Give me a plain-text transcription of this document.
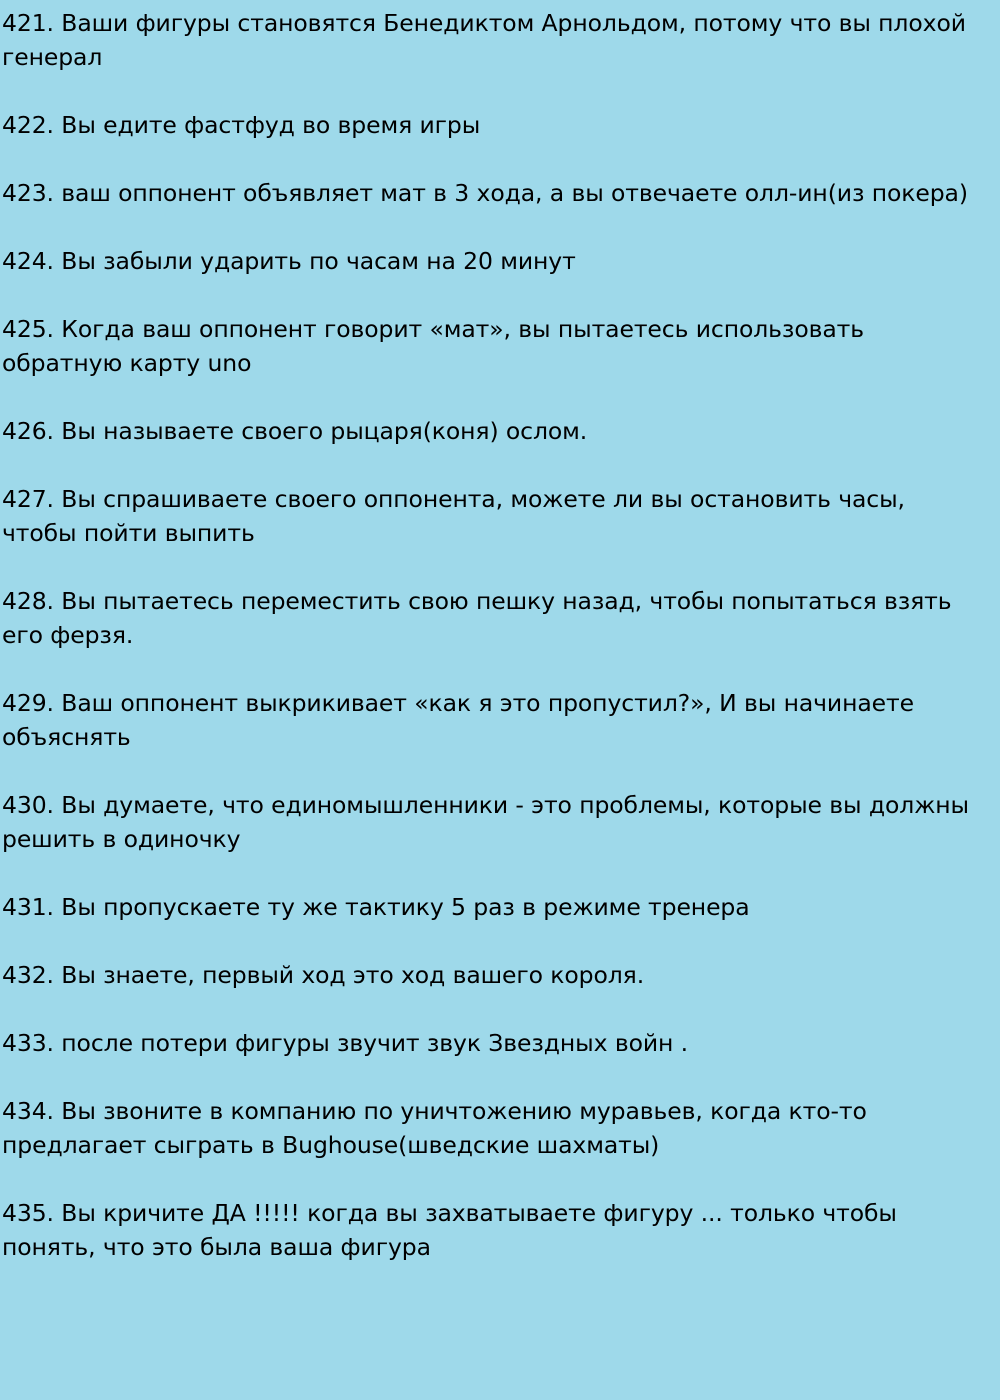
421. Ваши фигуры становятся Бенедиктом Арнольдом, потому что вы плохой генерал

422. Вы едите фастфуд во время игры

423. ваш оппонент объявляет мат в 3 хода, а вы отвечаете олл-ин(из покера)

424. Вы забыли ударить по часам на 20 минут

425. Когда ваш оппонент говорит «мат», вы пытаетесь использовать обратную карту uno

426. Вы называете своего рыцаря(коня) ослом.

427. Вы спрашиваете своего оппонента, можете ли вы остановить часы, чтобы пойти выпить

428. Вы пытаетесь переместить свою пешку назад, чтобы попытаться взять его ферзя.

429. Ваш оппонент выкрикивает «как я это пропустил?», И вы начинаете объяснять

430. Вы думаете, что единомышленники - это проблемы, которые вы должны решить в одиночку

431. Вы пропускаете ту же тактику 5 раз в режиме тренера

432. Вы знаете, первый ход это ход вашего короля.

433. после потери фигуры звучит звук Звездных войн .

434. Вы звоните в компанию по уничтожению муравьев, когда кто-то предлагает сыграть в Bughouse(шведские шахматы)

435. Вы кричите ДА !!!!! когда вы захватываете фигуру ... только чтобы понять, что это была ваша фигура
